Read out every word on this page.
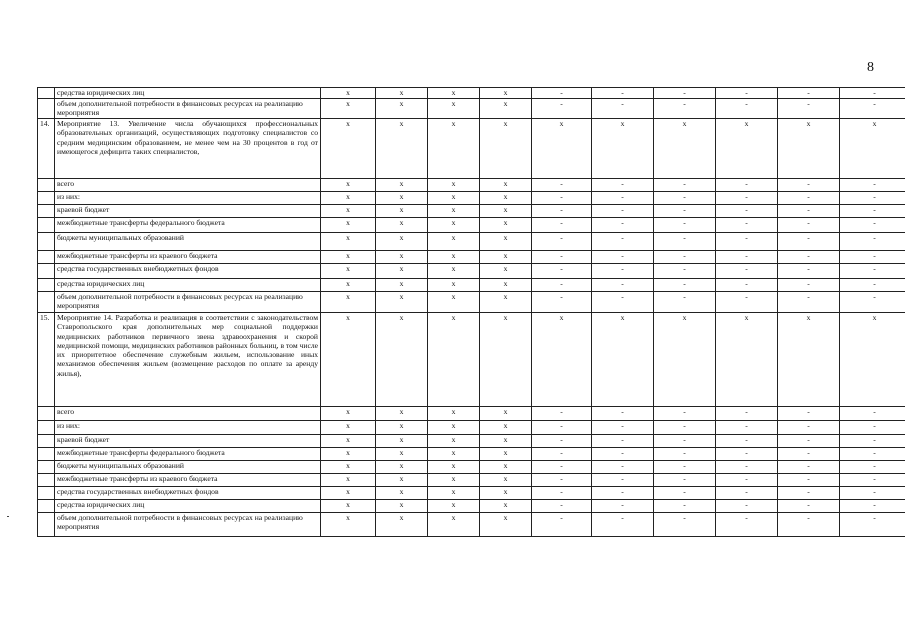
8
	средства юридических лиц	х	х	х	х	-	-	-	-	-	-
	объем дополнительной потребности в финансовых ресурсах на реализацию мероприятия	х	х	х	х	-	-	-	-	-	-
14.	Мероприятие 13. Увеличение числа обучающихся профессиональных образовательных организаций, осуществляющих подготовку специалистов со средним медицинским образованием, не менее чем на 30 процентов в год от имеющегося дефицита таких специалистов,	х	х	х	х	х	х	х	х	х	х
	всего	х	х	х	х	-	-	-	-	-	-
	из них:	х	х	х	х	-	-	-	-	-	-
	краевой бюджет	х	х	х	х	-	-	-	-	-	-
	межбюджетные трансферты федерального бюджета	х	х	х	х	-	-	-	-	-	-
	бюджеты муниципальных образований	х	х	х	х	-	-	-	-	-	-
	межбюджетные трансферты из краевого бюджета	х	х	х	х	-	-	-	-	-	-
	средства государственных внебюджетных фондов	х	х	х	х	-	-	-	-	-	-
	средства юридических лиц	х	х	х	х	-	-	-	-	-	-
	объем дополнительной потребности в финансовых ресурсах на реализацию мероприятия	х	х	х	х	-	-	-	-	-	-
15.	Мероприятие 14. Разработка и реализация в соответствии с законодательством Ставропольского края дополнительных мер социальной поддержки медицинских работников первичного звена здравоохранения и скорой медицинской помощи, медицинских работников районных больниц, в том числе их приоритетное обеспечение служебным жильем, использование иных механизмов обеспечения жильем (возмещение расходов по оплате за аренду жилья),	х	х	х	х	х	х	х	х	х	х
	всего	х	х	х	х	-	-	-	-	-	-
	из них:	х	х	х	х	-	-	-	-	-	-
	краевой бюджет	х	х	х	х	-	-	-	-	-	-
	межбюджетные трансферты федерального бюджета	х	х	х	х	-	-	-	-	-	-
	бюджеты муниципальных образований	х	х	х	х	-	-	-	-	-	-
	межбюджетные трансферты из краевого бюджета	х	х	х	х	-	-	-	-	-	-
	средства государственных внебюджетных фондов	х	х	х	х	-	-	-	-	-	-
	средства юридических лиц	х	х	х	х	-	-	-	-	-	-
	объем дополнительной потребности в финансовых ресурсах на реализацию мероприятия	х	х	х	х	-	-	-	-	-	-
